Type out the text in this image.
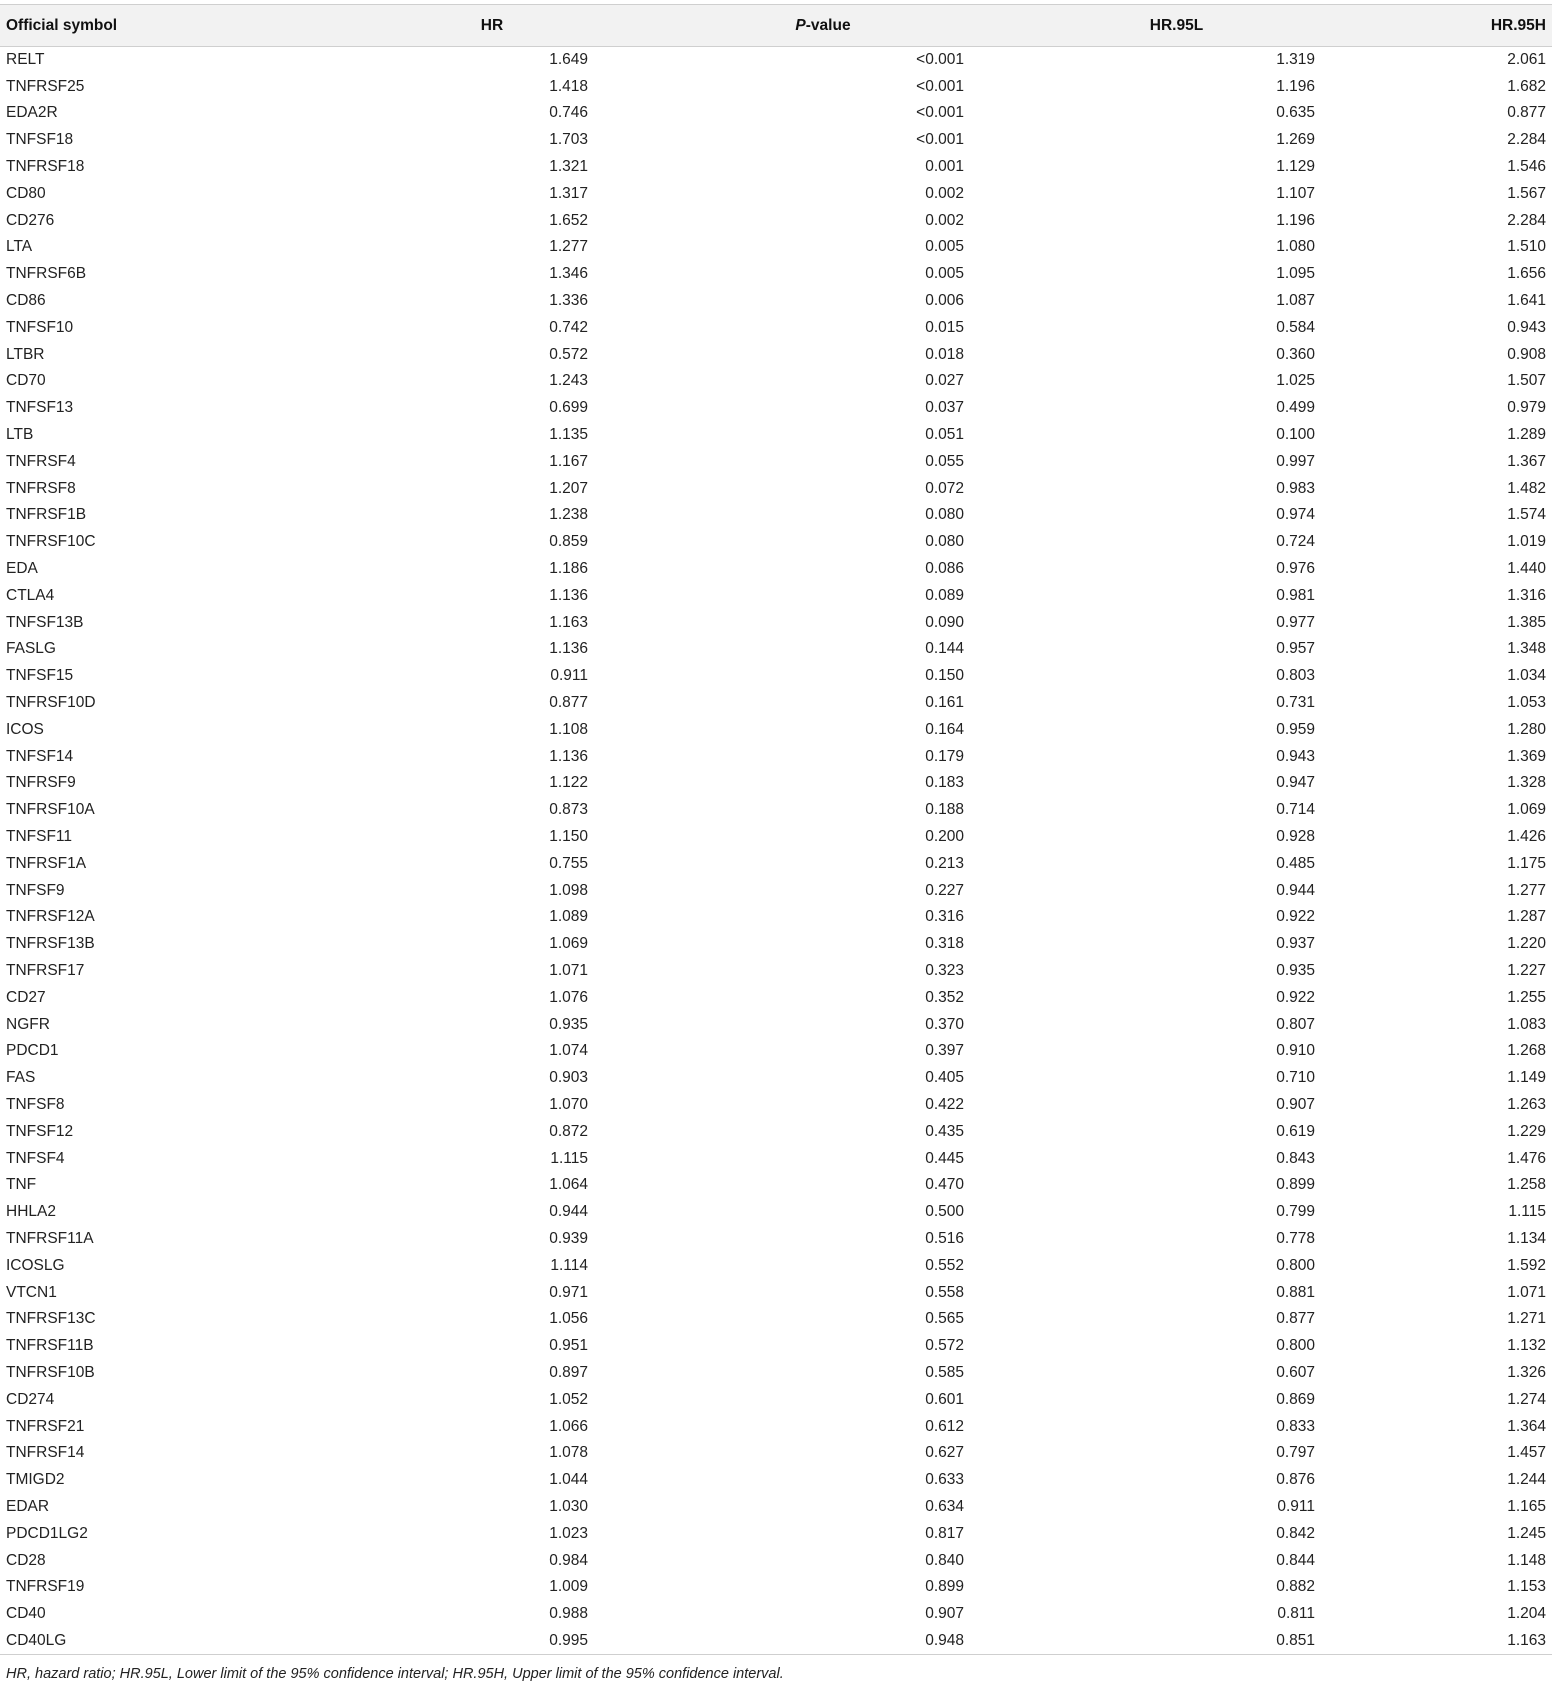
Official symbol	HR	P-value	HR.95L	HR.95H
RELT	1.649	<0.001	1.319	2.061
TNFRSF25	1.418	<0.001	1.196	1.682
EDA2R	0.746	<0.001	0.635	0.877
TNFSF18	1.703	<0.001	1.269	2.284
TNFRSF18	1.321	0.001	1.129	1.546
CD80	1.317	0.002	1.107	1.567
CD276	1.652	0.002	1.196	2.284
LTA	1.277	0.005	1.080	1.510
TNFRSF6B	1.346	0.005	1.095	1.656
CD86	1.336	0.006	1.087	1.641
TNFSF10	0.742	0.015	0.584	0.943
LTBR	0.572	0.018	0.360	0.908
CD70	1.243	0.027	1.025	1.507
TNFSF13	0.699	0.037	0.499	0.979
LTB	1.135	0.051	0.100	1.289
TNFRSF4	1.167	0.055	0.997	1.367
TNFRSF8	1.207	0.072	0.983	1.482
TNFRSF1B	1.238	0.080	0.974	1.574
TNFRSF10C	0.859	0.080	0.724	1.019
EDA	1.186	0.086	0.976	1.440
CTLA4	1.136	0.089	0.981	1.316
TNFSF13B	1.163	0.090	0.977	1.385
FASLG	1.136	0.144	0.957	1.348
TNFSF15	0.911	0.150	0.803	1.034
TNFRSF10D	0.877	0.161	0.731	1.053
ICOS	1.108	0.164	0.959	1.280
TNFSF14	1.136	0.179	0.943	1.369
TNFRSF9	1.122	0.183	0.947	1.328
TNFRSF10A	0.873	0.188	0.714	1.069
TNFSF11	1.150	0.200	0.928	1.426
TNFRSF1A	0.755	0.213	0.485	1.175
TNFSF9	1.098	0.227	0.944	1.277
TNFRSF12A	1.089	0.316	0.922	1.287
TNFRSF13B	1.069	0.318	0.937	1.220
TNFRSF17	1.071	0.323	0.935	1.227
CD27	1.076	0.352	0.922	1.255
NGFR	0.935	0.370	0.807	1.083
PDCD1	1.074	0.397	0.910	1.268
FAS	0.903	0.405	0.710	1.149
TNFSF8	1.070	0.422	0.907	1.263
TNFSF12	0.872	0.435	0.619	1.229
TNFSF4	1.115	0.445	0.843	1.476
TNF	1.064	0.470	0.899	1.258
HHLA2	0.944	0.500	0.799	1.115
TNFRSF11A	0.939	0.516	0.778	1.134
ICOSLG	1.114	0.552	0.800	1.592
VTCN1	0.971	0.558	0.881	1.071
TNFRSF13C	1.056	0.565	0.877	1.271
TNFRSF11B	0.951	0.572	0.800	1.132
TNFRSF10B	0.897	0.585	0.607	1.326
CD274	1.052	0.601	0.869	1.274
TNFRSF21	1.066	0.612	0.833	1.364
TNFRSF14	1.078	0.627	0.797	1.457
TMIGD2	1.044	0.633	0.876	1.244
EDAR	1.030	0.634	0.911	1.165
PDCD1LG2	1.023	0.817	0.842	1.245
CD28	0.984	0.840	0.844	1.148
TNFRSF19	1.009	0.899	0.882	1.153
CD40	0.988	0.907	0.811	1.204
CD40LG	0.995	0.948	0.851	1.163
HR, hazard ratio; HR.95L, Lower limit of the 95% confidence interval; HR.95H, Upper limit of the 95% confidence interval.
